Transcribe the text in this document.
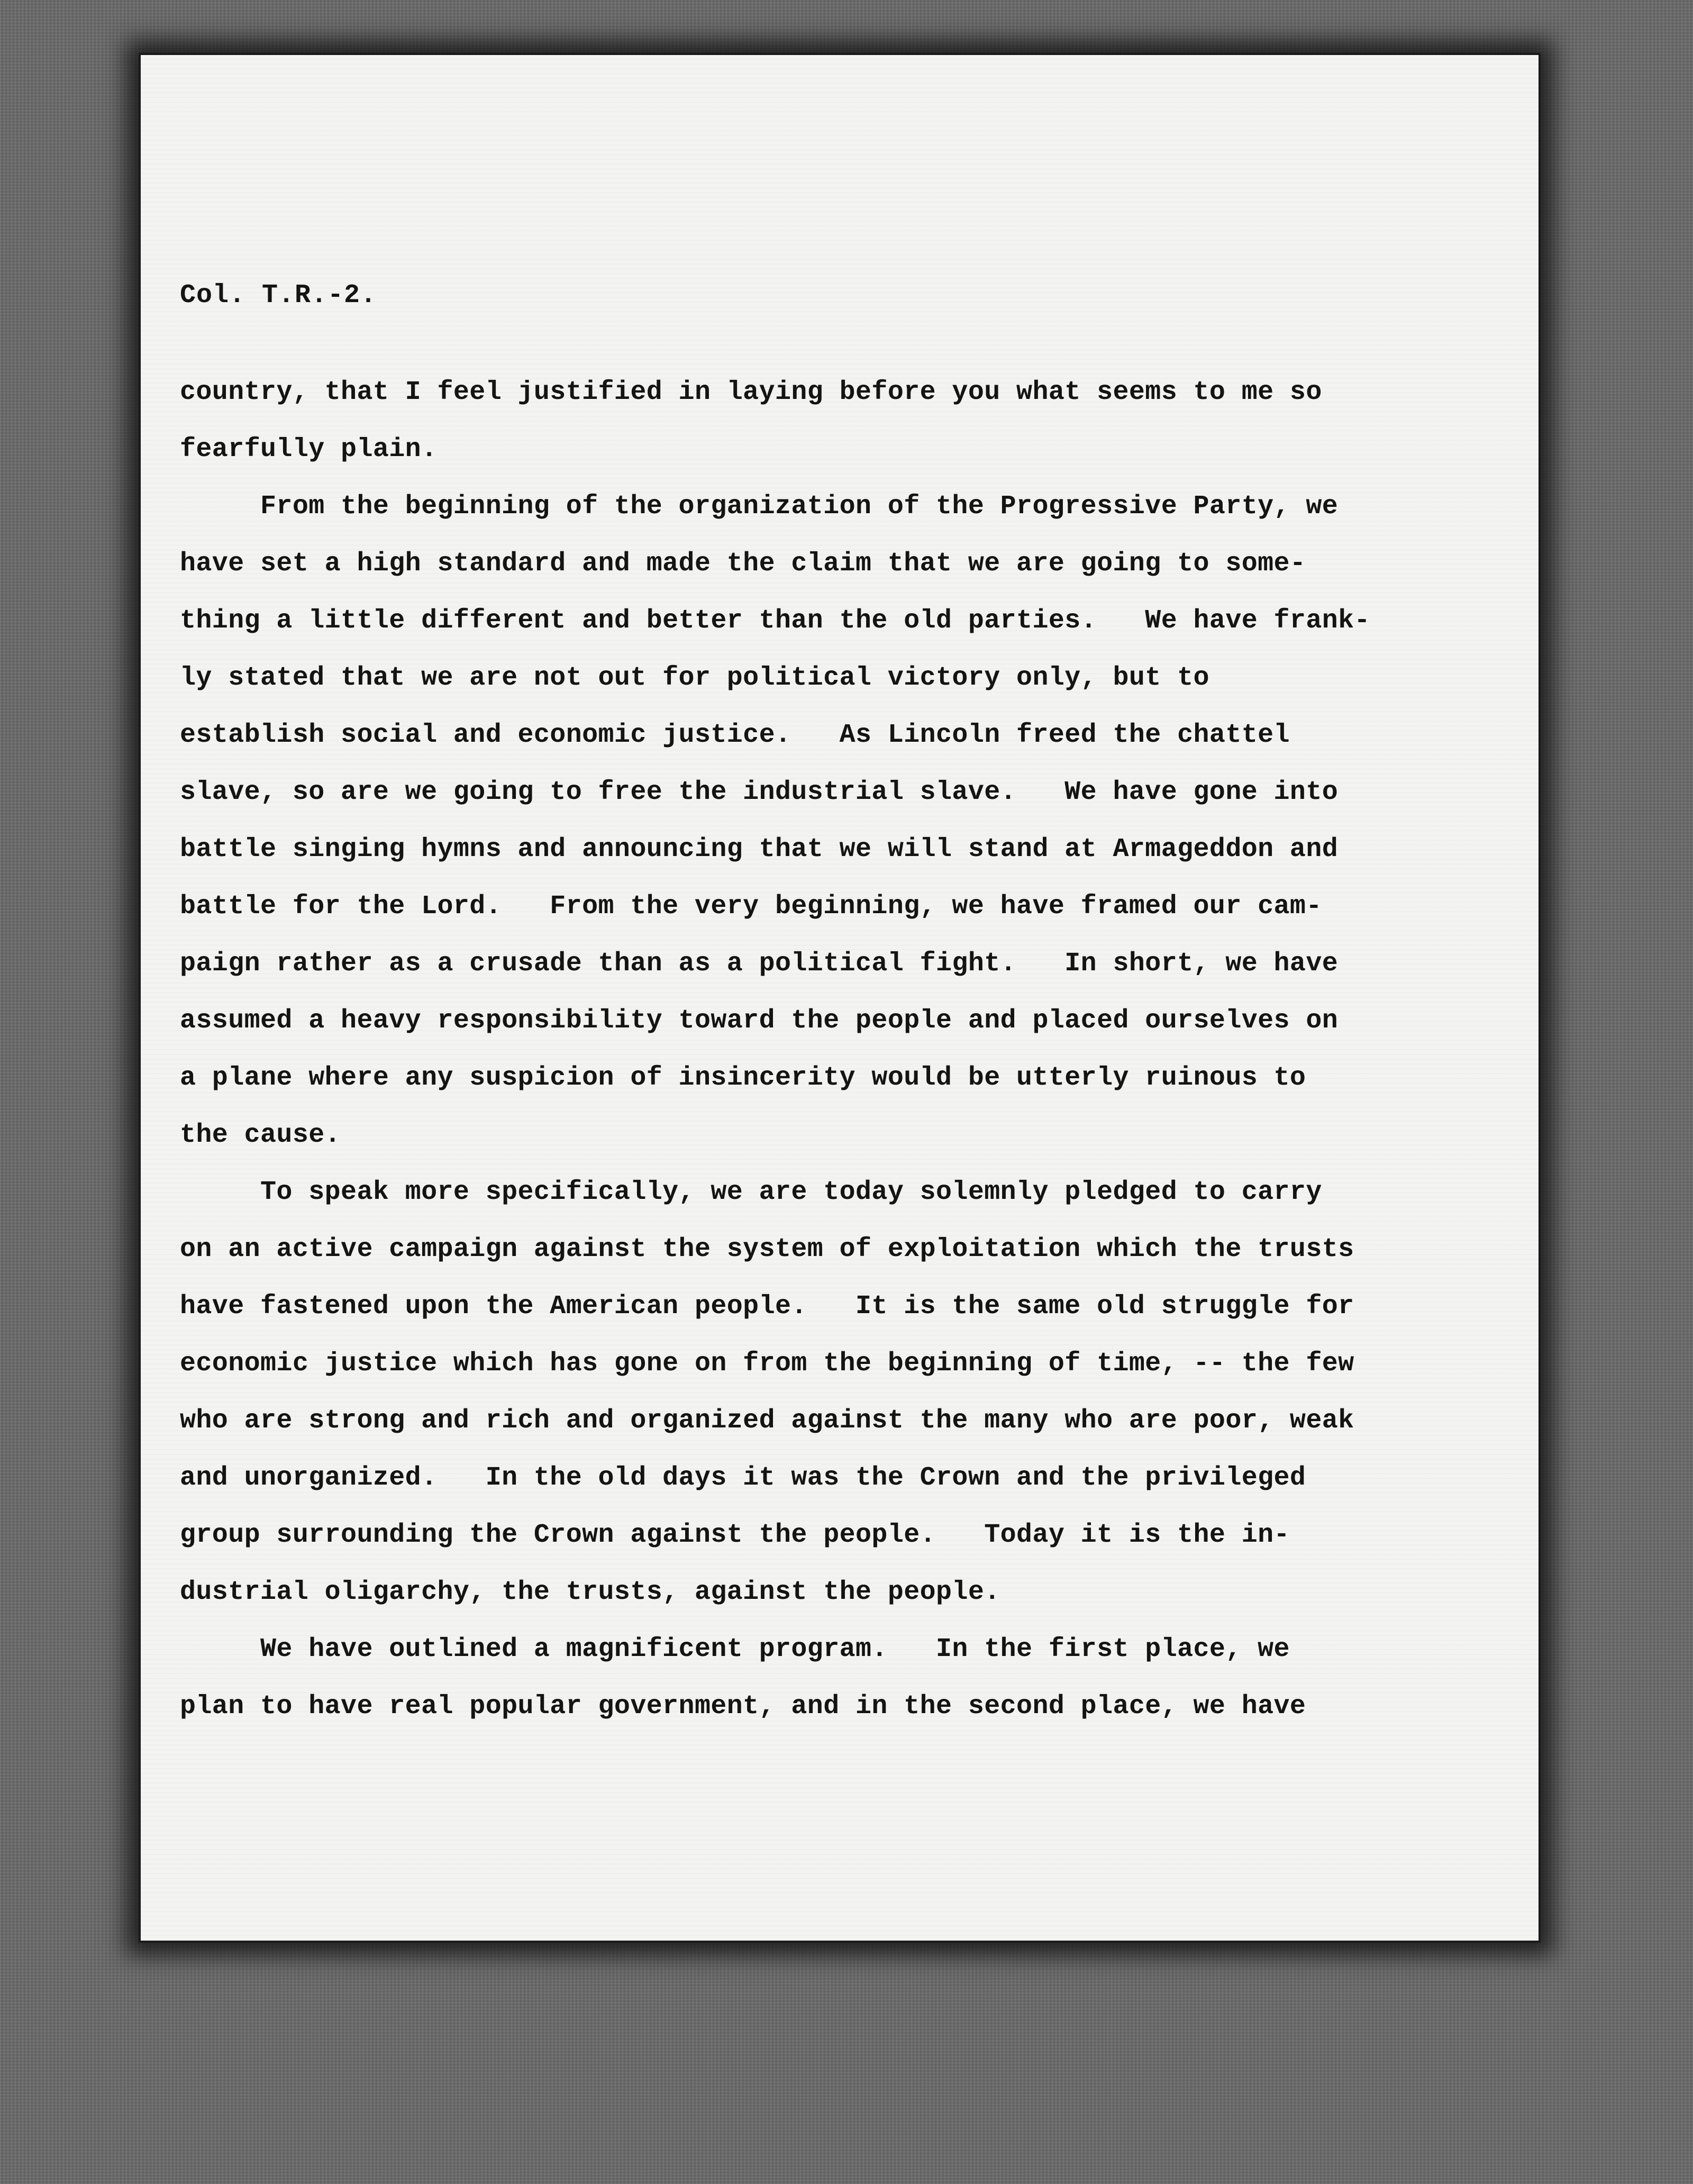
Col. T.R.-2.
country, that I feel justified in laying before you what seems to me so
fearfully plain.
From the beginning of the organization of the Progressive Party, we
have set a high standard and made the claim that we are going to some-
thing a little different and better than the old parties.   We have frank-
ly stated that we are not out for political victory only, but to
establish social and economic justice.   As Lincoln freed the chattel
slave, so are we going to free the industrial slave.   We have gone into
battle singing hymns and announcing that we will stand at Armageddon and
battle for the Lord.   From the very beginning, we have framed our cam-
paign rather as a crusade than as a political fight.   In short, we have
assumed a heavy responsibility toward the people and placed ourselves on
a plane where any suspicion of insincerity would be utterly ruinous to
the cause.
To speak more specifically, we are today solemnly pledged to carry
on an active campaign against the system of exploitation which the trusts
have fastened upon the American people.   It is the same old struggle for
economic justice which has gone on from the beginning of time, -- the few
who are strong and rich and organized against the many who are poor, weak
and unorganized.   In the old days it was the Crown and the privileged
group surrounding the Crown against the people.   Today it is the in-
dustrial oligarchy, the trusts, against the people.
We have outlined a magnificent program.   In the first place, we
plan to have real popular government, and in the second place, we have
